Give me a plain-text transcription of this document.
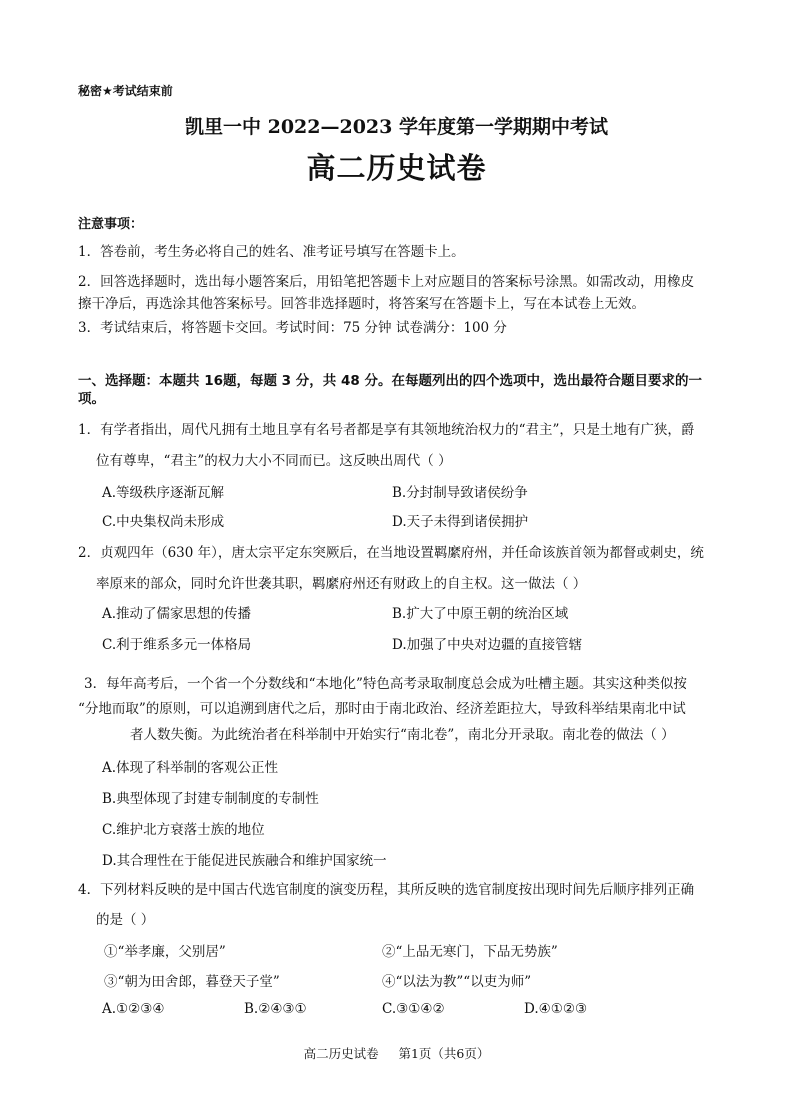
秘密★考试结束前
凯里一中 2022—2023 学年度第一学期期中考试
高二历史试卷
注意事项：
1．答卷前，考生务必将自己的姓名、准考证号填写在答题卡上。
2．回答选择题时，选出每小题答案后，用铅笔把答题卡上对应题目的答案标号涂黑。如需改动，用橡皮
擦干净后，再选涂其他答案标号。回答非选择题时，将答案写在答题卡上，写在本试卷上无效。
3．考试结束后，将答题卡交回。考试时间：75 分钟 试卷满分：100 分
一、选择题：本题共 16题，每题 3 分，共 48 分。在每题列出的四个选项中，选出最符合题目要求的一项。
1．有学者指出，周代凡拥有土地且享有名号者都是享有其领地统治权力的“君主”，只是土地有广狭，爵
位有尊卑，“君主”的权力大小不同而已。这反映出周代（ ）
A.等级秩序逐渐瓦解	B.分封制导致诸侯纷争
C.中央集权尚未形成	D.天子未得到诸侯拥护
2．贞观四年（630 年），唐太宗平定东突厥后，在当地设置羁縻府州，并任命该族首领为都督或刺史，统
率原来的部众，同时允许世袭其职，羁縻府州还有财政上的自主权。这一做法（ ）
A.推动了儒家思想的传播	B.扩大了中原王朝的统治区域
C.利于维系多元一体格局	D.加强了中央对边疆的直接管辖
3．每年高考后，一个省一个分数线和“本地化”特色高考录取制度总会成为吐槽主题。其实这种类似按
“分地而取”的原则，可以追溯到唐代之后，那时由于南北政治、经济差距拉大，导致科举结果南北中试
者人数失衡。为此统治者在科举制中开始实行“南北卷”，南北分开录取。南北卷的做法（ ）
A.体现了科举制的客观公正性
B.典型体现了封建专制制度的专制性
C.维护北方衰落士族的地位
D.其合理性在于能促进民族融合和维护国家统一
4．下列材料反映的是中国古代选官制度的演变历程，其所反映的选官制度按出现时间先后顺序排列正确
的是（ ）
①“举孝廉，父别居”	②“上品无寒门，下品无势族”
③“朝为田舍郎，暮登天子堂”	④“以法为教”“以吏为师”
A.①②③④	B.②④③①	C.③①④②	D.④①②③
高二历史试卷     第1页（共6页）
